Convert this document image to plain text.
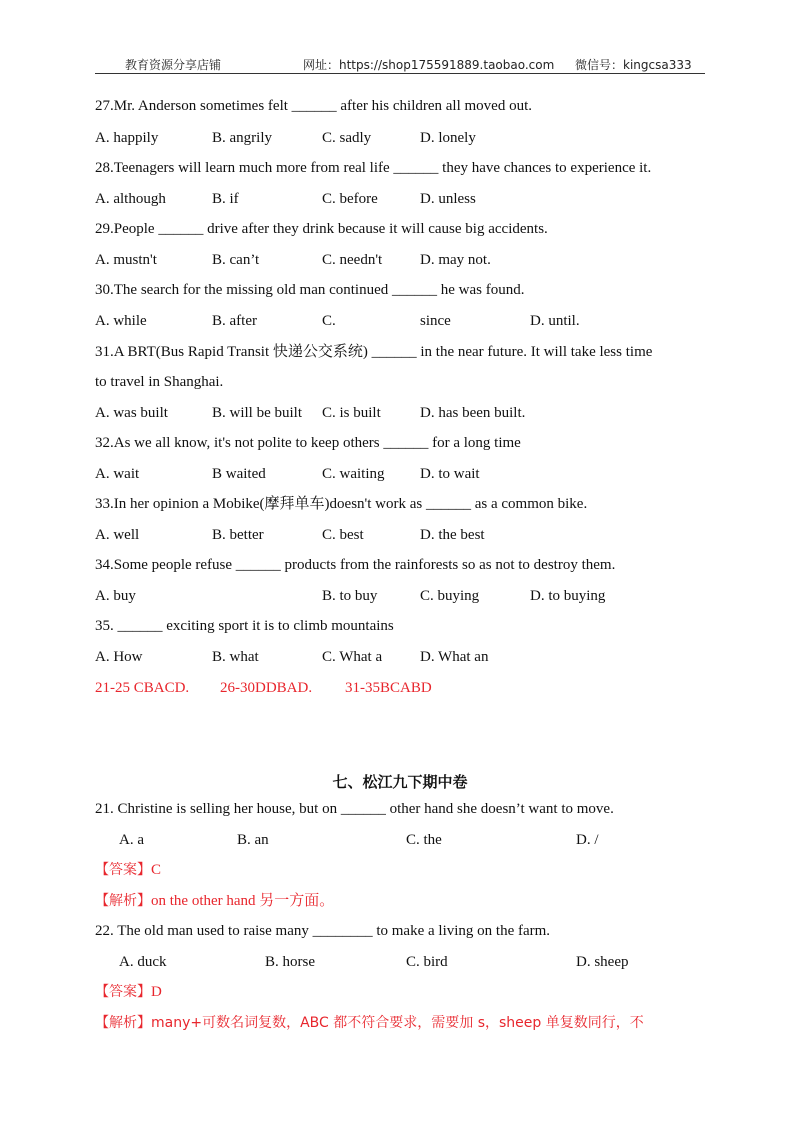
教育资源分享店铺	网址：https://shop175591889.taobao.com 微信号：kingcsa333
27.Mr. Anderson sometimes felt ______ after his children all moved out.
A. happily	B. angrily	C. sadly	D. lonely
28.Teenagers will learn much more from real life ______ they have chances to experience it.
A. although	B. if	C. before	D. unless
29.People ______ drive after they drink because it will cause big accidents.
A. mustn't	B. can’t	C. needn't	D. may not.
30.The search for the missing old man continued ______ he was found.
A. while	B. after	C.	since	D. until.
31.A BRT(Bus Rapid Transit 快递公交系统) ______ in the near future. It will take less time
to travel in Shanghai.
A. was built	B. will be built C. is built	D. has been built.
32.As we all know, it's not polite to keep others ______ for a long time
A. wait	B waited	C. waiting D. to wait
33.In her opinion a Mobike(摩拜单车)doesn't work as ______ as a common bike.
A. well	B. better	C. best	D. the best
34.Some people refuse ______ products from the rainforests so as not to destroy them.
A. buy	B. to buy	C. buying	D. to buying
35. ______ exciting sport it is to climb mountains
A. How	B. what	C. What a	D. What an
21-25 CBACD. 26-30DDBAD. 31-35BCABD
七、松江九下期中卷
21. Christine is selling her house, but on ______ other hand she doesn’t want to move.
A. a	B. an	C. the	D. /
【答案】C
【解析】on the other hand 另一方面。
22. The old man used to raise many ________ to make a living on the farm.
A. duck	B. horse	C. bird	D. sheep
【答案】D
【解析】many+可数名词复数，ABC 都不符合要求，需要加 s，sheep 单复数同行，不
